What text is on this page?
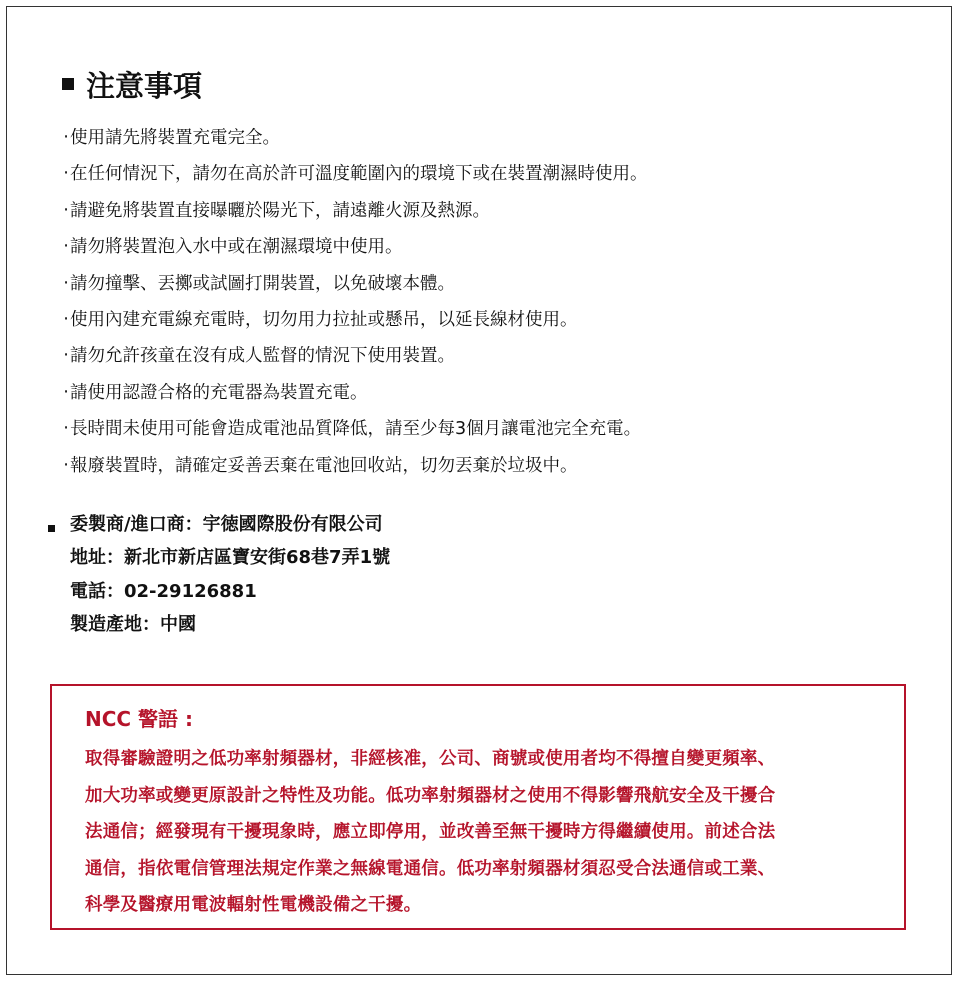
注意事項
‧使用請先將裝置充電完全。
‧在任何情況下，請勿在高於許可溫度範圍內的環境下或在裝置潮濕時使用。
‧請避免將裝置直接曝曬於陽光下，請遠離火源及熱源。
‧請勿將裝置泡入水中或在潮濕環境中使用。
‧請勿撞擊、丟擲或試圖打開裝置，以免破壞本體。
‧使用內建充電線充電時，切勿用力拉扯或懸吊，以延長線材使用。
‧請勿允許孩童在沒有成人監督的情況下使用裝置。
‧請使用認證合格的充電器為裝置充電。
‧長時間未使用可能會造成電池品質降低，請至少每3個月讓電池完全充電。
‧報廢裝置時，請確定妥善丟棄在電池回收站，切勿丟棄於垃圾中。
委製商/進口商：宇徳國際股份有限公司
地址：新北市新店區寶安街68巷7弄1號
電話：02-29126881
製造產地：中國
NCC 警語 :

取得審驗證明之低功率射頻器材，非經核准，公司、商號或使用者均不得擅自變更頻率、
加大功率或變更原設計之特性及功能。低功率射頻器材之使用不得影響飛航安全及干擾合
法通信；經發現有干擾現象時，應立即停用，並改善至無干擾時方得繼續使用。前述合法
通信，指依電信管理法規定作業之無線電通信。低功率射頻器材須忍受合法通信或工業、
科學及醫療用電波輻射性電機設備之干擾。
